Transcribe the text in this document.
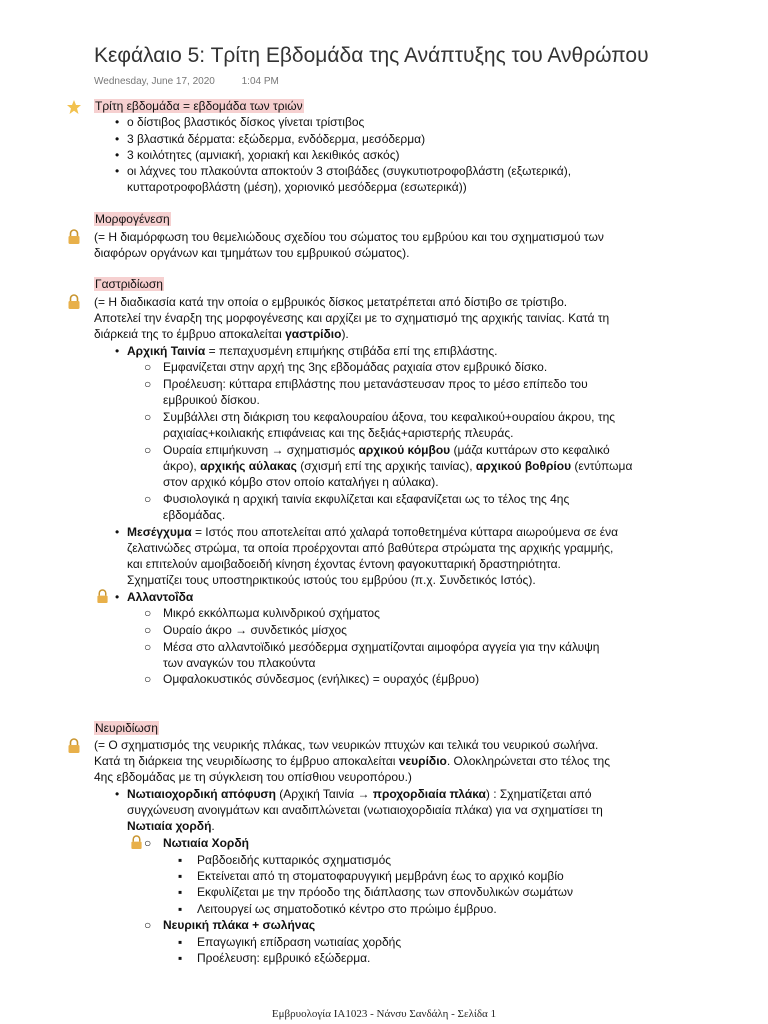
Κεφάλαιο 5: Τρίτη Εβδομάδα της Ανάπτυξης του Ανθρώπου
Wednesday, June 17, 2020	1:04 PM
Τρίτη εβδομάδα = εβδομάδα των τριών
• ο δίστιβος βλαστικός δίσκος γίνεται τρίστιβος
• 3 βλαστικά δέρματα: εξώδερμα, ενδόδερμα, μεσόδερμα)
• 3 κοιλότητες (αμνιακή, χοριακή και λεκιθικός ασκός)
• οι λάχνες του πλακούντα αποκτούν 3 στοιβάδες (συγκυτιοτροφοβλάστη (εξωτερικά),
κυτταροτροφοβλάστη (μέση), χοριονικό μεσόδερμα (εσωτερικά))
Μορφογένεση
(= Η διαμόρφωση του θεμελιώδους σχεδίου του σώματος του εμβρύου και του σχηματισμού των
διαφόρων οργάνων και τμημάτων του εμβρυικού σώματος).
Γαστριδίωση
(= Η διαδικασία κατά την οποία ο εμβρυικός δίσκος μετατρέπεται από δίστιβο σε τρίστιβο.
Αποτελεί την έναρξη της μορφογένεσης και αρχίζει με το σχηματισμό της αρχικής ταινίας. Κατά τη
διάρκειά της το έμβρυο αποκαλείται γαστρίδιο).
• Αρχική Ταινία = πεπαχυσμένη επιμήκης στιβάδα επί της επιβλάστης.
○ Εμφανίζεται στην αρχή της 3ης εβδομάδας ραχιαία στον εμβρυικό δίσκο.
○ Προέλευση: κύτταρα επιβλάστης που μετανάστευσαν προς το μέσο επίπεδο του
εμβρυικού δίσκου.
○ Συμβάλλει στη διάκριση του κεφαλουραίου άξονα, του κεφαλικού+ουραίου άκρου, της
ραχιαίας+κοιλιακής επιφάνειας και της δεξιάς+αριστερής πλευράς.
○ Ουραία επιμήκυνση → σχηματισμός αρχικού κόμβου (μάζα κυττάρων στο κεφαλικό
άκρο), αρχικής αύλακας (σχισμή επί της αρχικής ταινίας), αρχικού βοθρίου (εντύπωμα
στον αρχικό κόμβο στον οποίο καταλήγει η αύλακα).
○ Φυσιολογικά η αρχική ταινία εκφυλίζεται και εξαφανίζεται ως το τέλος της 4ης
εβδομάδας.
• Μεσέγχυμα = Ιστός που αποτελείται από χαλαρά τοποθετημένα κύτταρα αιωρούμενα σε ένα
ζελατινώδες στρώμα, τα οποία προέρχονται από βαθύτερα στρώματα της αρχικής γραμμής,
και επιτελούν αμοιβαδοειδή κίνηση έχοντας έντονη φαγοκυτταρική δραστηριότητα.
Σχηματίζει τους υποστηρικτικούς ιστούς του εμβρύου (π.χ. Συνδετικός Ιστός).
• Αλλαντοΐδα
○ Μικρό εκκόλπωμα κυλινδρικού σχήματος
○ Ουραίο άκρο → συνδετικός μίσχος
○ Μέσα στο αλλαντοϊδικό μεσόδερμα σχηματίζονται αιμοφόρα αγγεία για την κάλυψη
των αναγκών του πλακούντα
○ Ομφαλοκυστικός σύνδεσμος (ενήλικες) = ουραχός (έμβρυο)
Νευριδίωση
(= Ο σχηματισμός της νευρικής πλάκας, των νευρικών πτυχών και τελικά του νευρικού σωλήνα.
Κατά τη διάρκεια της νευριδίωσης το έμβρυο αποκαλείται νευρίδιο. Ολοκληρώνεται στο τέλος της
4ης εβδομάδας με τη σύγκλειση του οπίσθιου νευροπόρου.)
• Νωτιαιοχορδική απόφυση (Αρχική Ταινία → προχορδιαία πλάκα) : Σχηματίζεται από
συγχώνευση ανοιγμάτων και αναδιπλώνεται (νωτιαιοχορδιαία πλάκα) για να σχηματίσει τη
Νωτιαία χορδή.
○ Νωτιαία Χορδή
▪ Ραβδοειδής κυτταρικός σχηματισμός
▪ Εκτείνεται από τη στοματοφαρυγγική μεμβράνη έως το αρχικό κομβίο
▪ Εκφυλίζεται με την πρόοδο της διάπλασης των σπονδυλικών σωμάτων
▪ Λειτουργεί ως σηματοδοτικό κέντρο στο πρώιμο έμβρυο.
○ Νευρική πλάκα + σωλήνας
▪ Επαγωγική επίδραση νωτιαίας χορδής
▪ Προέλευση: εμβρυικό εξώδερμα.
Εμβρυολογία ΙΑ1023 - Νάνσυ Σανδάλη - Σελίδα 1
